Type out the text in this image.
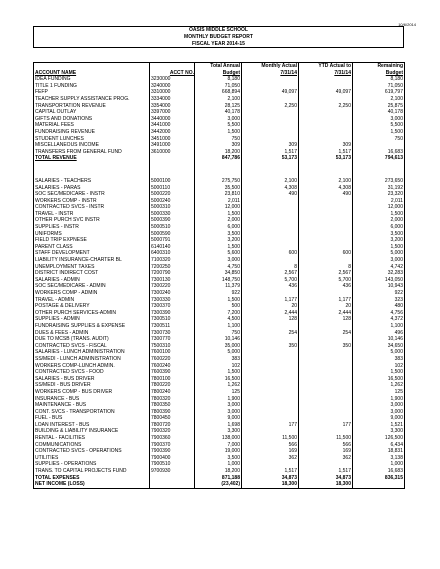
10/6/2014
OASIS MIDDLE SCHOOL
MONTHLY BUDGET REPORT
FISCAL YEAR 2014-15
		Total Annual	Monthly Actual	YTD Actual to	Remaining
ACCOUNT NAME	ACCT NO.	Budget	7/31/14	7/31/14	Budget
IDEA FUNDING	3230000	8,180			8,180
TITLE 1 FUNDING	3240000	71,050			71,050
FEFP	3310000	668,894	49,097	49,097	619,797
TEACHER SUPPLY ASSISTANCE PROG.	3334000	2,100			2,100
TRANSPORTATION REVENUE	3354000	28,125	2,250	2,250	25,875
CAPITAL OUTLAY	3397000	40,178			40,178
GIFTS AND DONATIONS	3440000	3,000			3,000
MATERIAL FEES	3441000	5,500			5,500
FUNDRAISING REVENUE	3442000	1,500			1,500
STUDENT LUNCHES	3451000	750			750
MISCELLANEOUS INCOME	3491000	309	309	309	
TRANSFERS FROM GENERAL FUND	3610000	18,200	1,517	1,517	16,683
TOTAL REVENUE		847,786	53,173	53,173	794,613

SALARIES - TEACHERS	5000100	275,750	2,100	2,100	273,650
SALARIES - PARAS	5000110	35,500	4,308	4,308	31,192
SOC SEC/MEDICARE - INSTR	5000220	23,810	490	490	23,320
WORKERS COMP - INSTR	5000240	2,011			2,011
CONTRACTED SVCS - INSTR	5000310	12,000			12,000
TRAVEL - INSTR	5000330	1,500			1,500
OTHER PURCH SVC INSTR	5000390	2,000			2,000
SUPPLIES - INSTR	5000510	6,000			6,000
UNIFORMS	5000590	3,500			3,500
FIELD TRIP EXPNESE	5000791	3,200			3,200
PARENT CLASS	6140140	1,500			1,500
STAFF DEVELOPMENT	6400310	5,600	600	600	5,000
LIABILITY INSURANCE-CHARTER BL	7100320	3,000			3,000
UNEMPLOYMENT TAXES	7200250	4,750	8	8	4,742
DISTRICT INDIRECT COST	7200790	34,850	2,567	2,567	32,283
SALARIES - ADMIN	7300130	148,750	5,700	5,700	143,050
SOC SEC/MEDICARE - ADMIN	7300220	11,379	436	436	10,943
WORKERS COMP - ADMIN	7300240	922			922
TRAVEL - ADMIN	7300330	1,500	1,177	1,177	323
POSTAGE & DELIVERY	7300370	500	20	20	480
OTHER PURCH SERVICES-ADMIN	7300390	7,200	2,444	2,444	4,756
SUPPLIES - ADMIN	7300510	4,500	128	128	4,372
FUNDRAISING SUPPLIES & EXPENSE	7300511	1,100			1,100
DUES & FEES - ADMIN	7300730	750	254	254	496
DUE TO MCSB (TRANS. AUDIT)	7300770	10,146			10,146
CONTRACTED SVCS - FISCAL	7500310	35,000	350	350	34,650
SALARIES - LUNCH ADMINISTRATION	7600100	5,000			5,000
SS/MEDI - LUNCH ADMINISTRATION	7600220	383			383
WORKERS COMP-LUNCH ADMIN.	7600240	102			102
CONTRACTED SVCS - FOOD	7600390	1,500			1,500
SALARIES - BUS DRIVER	7800100	16,500			16,500
SS/MEDI - BUS DRIVER	7800220	1,262			1,262
WORKERS COMP - BUS DRIVER	7800240	125			125
INSURANCE - BUS	7800320	1,900			1,900
MAINTENANCE - BUS	7800350	3,000			3,000
CONT. SVCS - TRANSPORTATION	7800390	3,000			3,000
FUEL - BUS	7800450	9,000			9,000
LOAN INTEREST - BUS	7800720	1,698	177	177	1,521
BUILDING & LIABILITY INSURANCE	7900320	3,300			3,300
RENTAL - FACILITIES	7900360	138,000	11,500	11,500	126,500
COMMUNICATIONS	7900370	7,000	566	566	6,434
CONTRACTED SVCS - OPERATIONS	7900390	19,000	169	169	18,831
UTILITIES	7900400	3,500	362	362	3,138
SUPPLIES - OPERATIONS	7900510	1,000			1,000
TRANS. TO CAPITAL PROJECTS FUND	9700930	18,200	1,517	1,517	16,683
TOTAL EXPENSES		871,188	34,873	34,873	836,315
NET INCOME (LOSS)		(23,402)	18,300	18,300	
